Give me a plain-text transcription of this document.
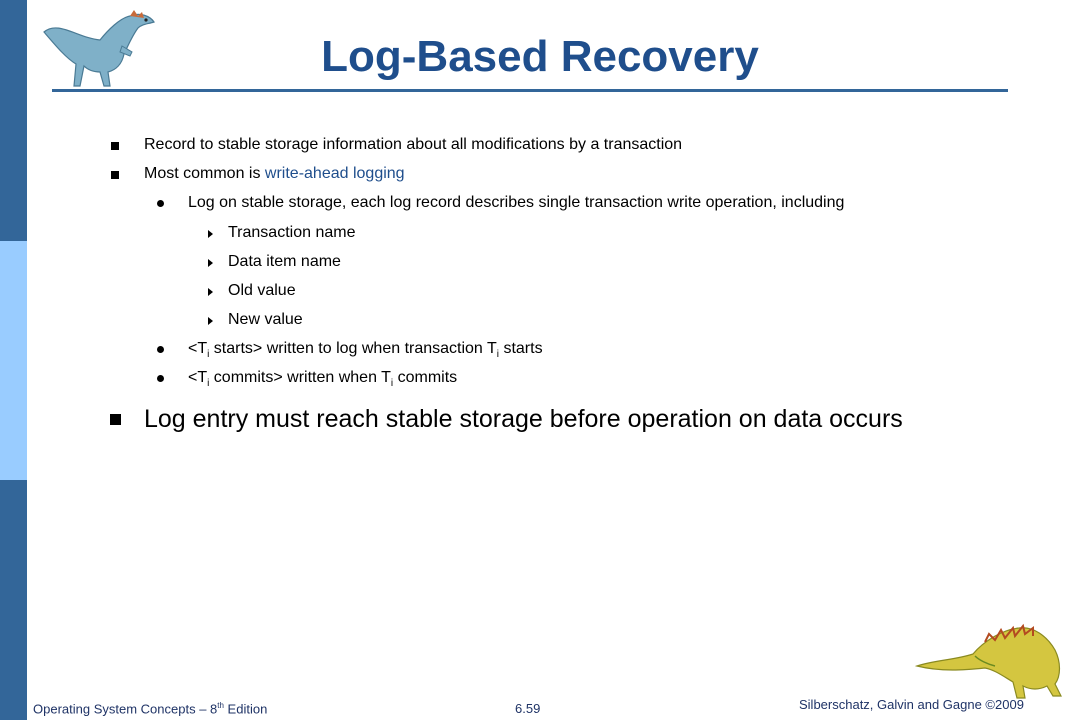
Log-Based Recovery
Record to stable storage information about all modifications by a transaction
Most common is write-ahead logging
Log on stable storage, each log record describes single transaction write operation, including
Transaction name
Data item name
Old value
New value
$<T_i$ starts> written to log when transaction $T_i$ starts
$<T_i$ commits> written when $T_i$ commits
Log entry must reach stable storage before operation on data occurs
Operating System Concepts – 8th Edition	6.59	Silberschatz, Galvin and Gagne ©2009
